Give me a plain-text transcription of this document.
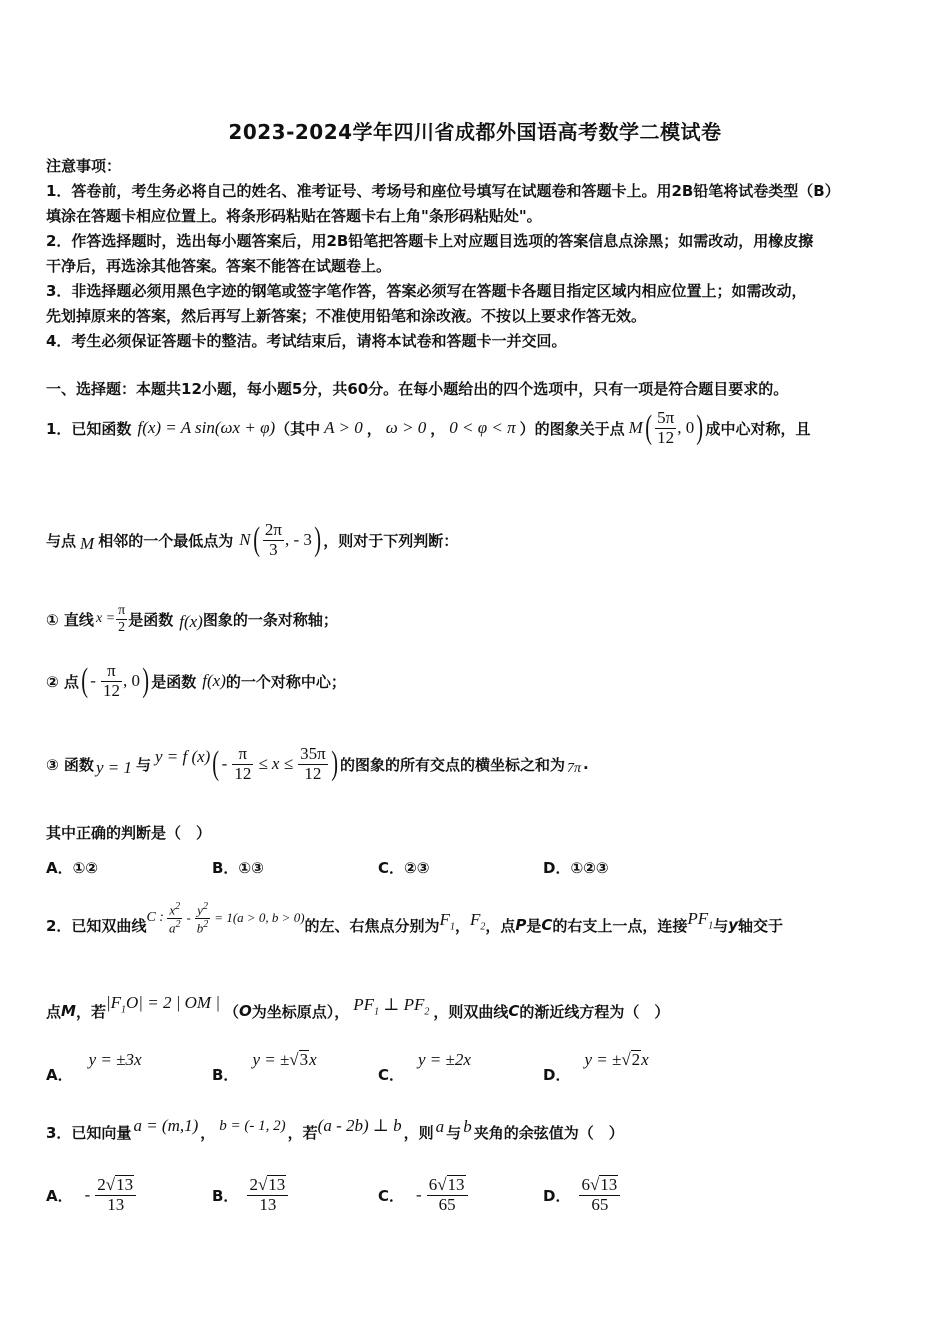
2023-2024学年四川省成都外国语高考数学二模试卷
注意事项：
1．答卷前，考生务必将自己的姓名、准考证号、考场号和座位号填写在试题卷和答题卡上。用2B铅笔将试卷类型（B）
填涂在答题卡相应位置上。将条形码粘贴在答题卡右上角"条形码粘贴处"。
2．作答选择题时，选出每小题答案后，用2B铅笔把答题卡上对应题目选项的答案信息点涂黑；如需改动，用橡皮擦
干净后，再选涂其他答案。答案不能答在试题卷上。
3．非选择题必须用黑色字迹的钢笔或签字笔作答，答案必须写在答题卡各题目指定区域内相应位置上；如需改动，
先划掉原来的答案，然后再写上新答案；不准使用铅笔和涂改液。不按以上要求作答无效。
4．考生必须保证答题卡的整洁。考试结束后，请将本试卷和答题卡一并交回。
一、选择题：本题共12小题，每小题5分，共60分。在每小题给出的四个选项中，只有一项是符合题目要求的。
1．已知函数 f (x) = A sin(ωx + φ) （其中 A > 0 ， ω > 0 ， 0 < φ < π ）的图象关于点 M ( $\frac{5\pi}{12}$ , 0 ) 成中心对称，且
与点 M 相邻的一个最低点为 N ( $\frac{2\pi}{3}$ , - 3 ) ，则对于下列判断：
① 直线 $x = \frac{\pi}{2}$ 是函数 f (x) 图象的一条对称轴；
② 点 ( - $\frac{\pi}{12}$ , 0 ) 是函数 f (x) 的一个对称中心；
③ 函数 y = 1 与 y = f (x) ( - $\frac{\pi}{12} \le x \le \frac{35\pi}{12}$ ) 的图象的所有交点的横坐标之和为 7π .
其中正确的判断是（　）
A．①②	B．①③	C．②③	D．①②③
2．已知双曲线 C : $\frac{x^2}{a^2} - \frac{y^2}{b^2} = 1(a > 0$, b > 0) 的左、右焦点分别为 $F_1$ ， $F_2$ ，点 P 是 C 的右支上一点，连接 $PF_1$ 与 y 轴交于
点 M ，若 $|F_1O| = 2$ | OM | （ O 为坐标原点）， $PF_1$ ⊥ $PF_2$ ，则双曲线 C 的渐近线方程为（　）
A．
y = ±3x
B．
y = ±√3x
C．
y = ±2x
D．
y = ±√2x
3．已知向量 a = (m,1) ， b = (- 1, 2) ，若 (a - 2b) ⊥ b ，则 a 与 b 夹角的余弦值为（　）
A． - $\frac{2√13}{13}$	B． $\frac{2√13}{13}$	C． - $\frac{6√13}{65}$	D． $\frac{6√13}{65}$
